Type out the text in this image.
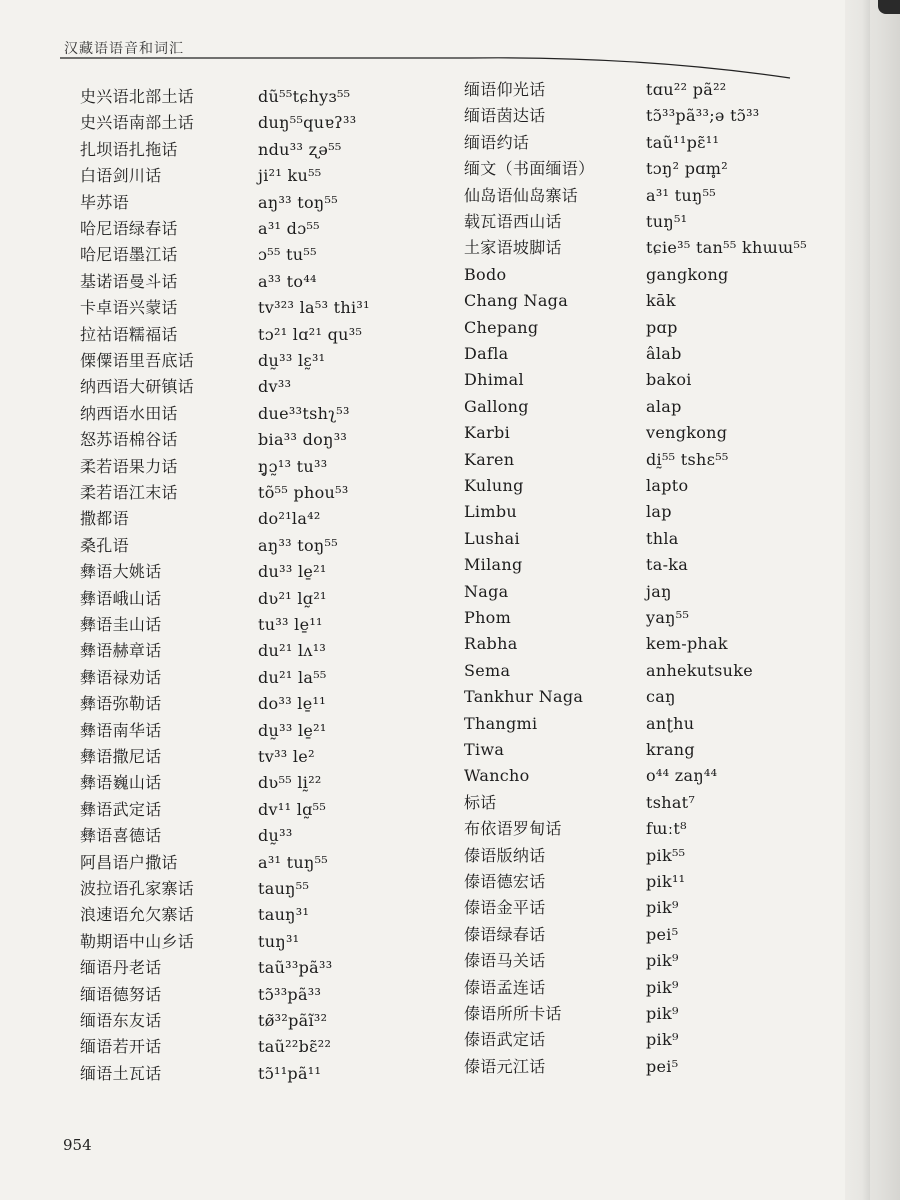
汉藏语语音和词汇
史兴语北部土话	dũ⁵⁵tɕhyɜ⁵⁵
史兴语南部土话	duŋ⁵⁵quɐʔ³³
扎坝语扎拖话	ndu³³ ʐə⁵⁵
白语剑川话	ji²¹ ku⁵⁵
毕苏语	aŋ³³ toŋ⁵⁵
哈尼语绿春话	a³¹ dɔ⁵⁵
哈尼语墨江话	ɔ⁵⁵ tu⁵⁵
基诺语曼斗话	a³³ to⁴⁴
卡卓语兴蒙话	tv³²³ la⁵³ thi³¹
拉祜语糯福话	tɔ²¹ lɑ²¹ qu³⁵
傈僳语里吾底话	dṵ³³ lɛ̰³¹
纳西语大研镇话	dv³³
纳西语水田话	due³³tshʅ⁵³
怒苏语棉谷话	bia³³ doŋ³³
柔若语果力话	ŋ̥ɔ̰¹³ tu³³
柔若语江末话	tõ⁵⁵ phou⁵³
撒都语	do²¹la⁴²
桑孔语	aŋ³³ toŋ⁵⁵
彝语大姚话	du³³ le̱²¹
彝语峨山话	dʋ²¹ lɑ̰²¹
彝语圭山话	tu³³ le̱¹¹
彝语赫章话	du²¹ lʌ¹³
彝语禄劝话	du²¹ la⁵⁵
彝语弥勒话	do³³ le̱¹¹
彝语南华话	dṵ³³ le̱²¹
彝语撒尼话	tv³³ le²
彝语巍山话	dʋ⁵⁵ lḭ²²
彝语武定话	dv¹¹ lɑ̰⁵⁵
彝语喜德话	dṵ³³
阿昌语户撒话	a³¹ tuŋ⁵⁵
波拉语孔家寨话	tauŋ⁵⁵
浪速语允欠寨话	tauŋ³¹
勒期语中山乡话	tuŋ³¹
缅语丹老话	taũ³³pã³³
缅语德努话	tɔ̃³³pã³³
缅语东友话	tø̃³²pãĩ³²
缅语若开话	taũ²²bɛ̃²²
缅语土瓦话	tɔ̃¹¹pã¹¹
缅语仰光话	tɑu²² pã²²
缅语茵达话	tɔ̃³³pã³³;ə tɔ̃³³
缅语约话	taũ¹¹pɛ̃¹¹
缅文（书面缅语）	tɔŋ² pɑm̥²
仙岛语仙岛寨话	a³¹ tuŋ⁵⁵
载瓦语西山话	tuŋ⁵¹
土家语坡脚话	tɕie³⁵ tan⁵⁵ khɯɯ⁵⁵
Bodo	gangkong
Chang Naga	kāk
Chepang	pɑp
Dafla	âlab
Dhimal	bakoi
Gallong	alap
Karbi	vengkong
Karen	dḭ⁵⁵ tshɛ⁵⁵
Kulung	lapto
Limbu	lap
Lushai	thla
Milang	ta-ka
Naga	jaŋ
Phom	yaŋ⁵⁵
Rabha	kem-phak
Sema	anhekutsuke
Tankhur Naga	caŋ
Thangmi	anʈhu
Tiwa	krang
Wancho	o⁴⁴ zaŋ⁴⁴
标话	tshat⁷
布依语罗甸话	fɯːt⁸
傣语版纳话	pik⁵⁵
傣语德宏话	pik¹¹
傣语金平话	pik⁹
傣语绿春话	pei⁵
傣语马关话	pik⁹
傣语孟连话	pik⁹
傣语所所卡话	pik⁹
傣语武定话	pik⁹
傣语元江话	pei⁵
954
